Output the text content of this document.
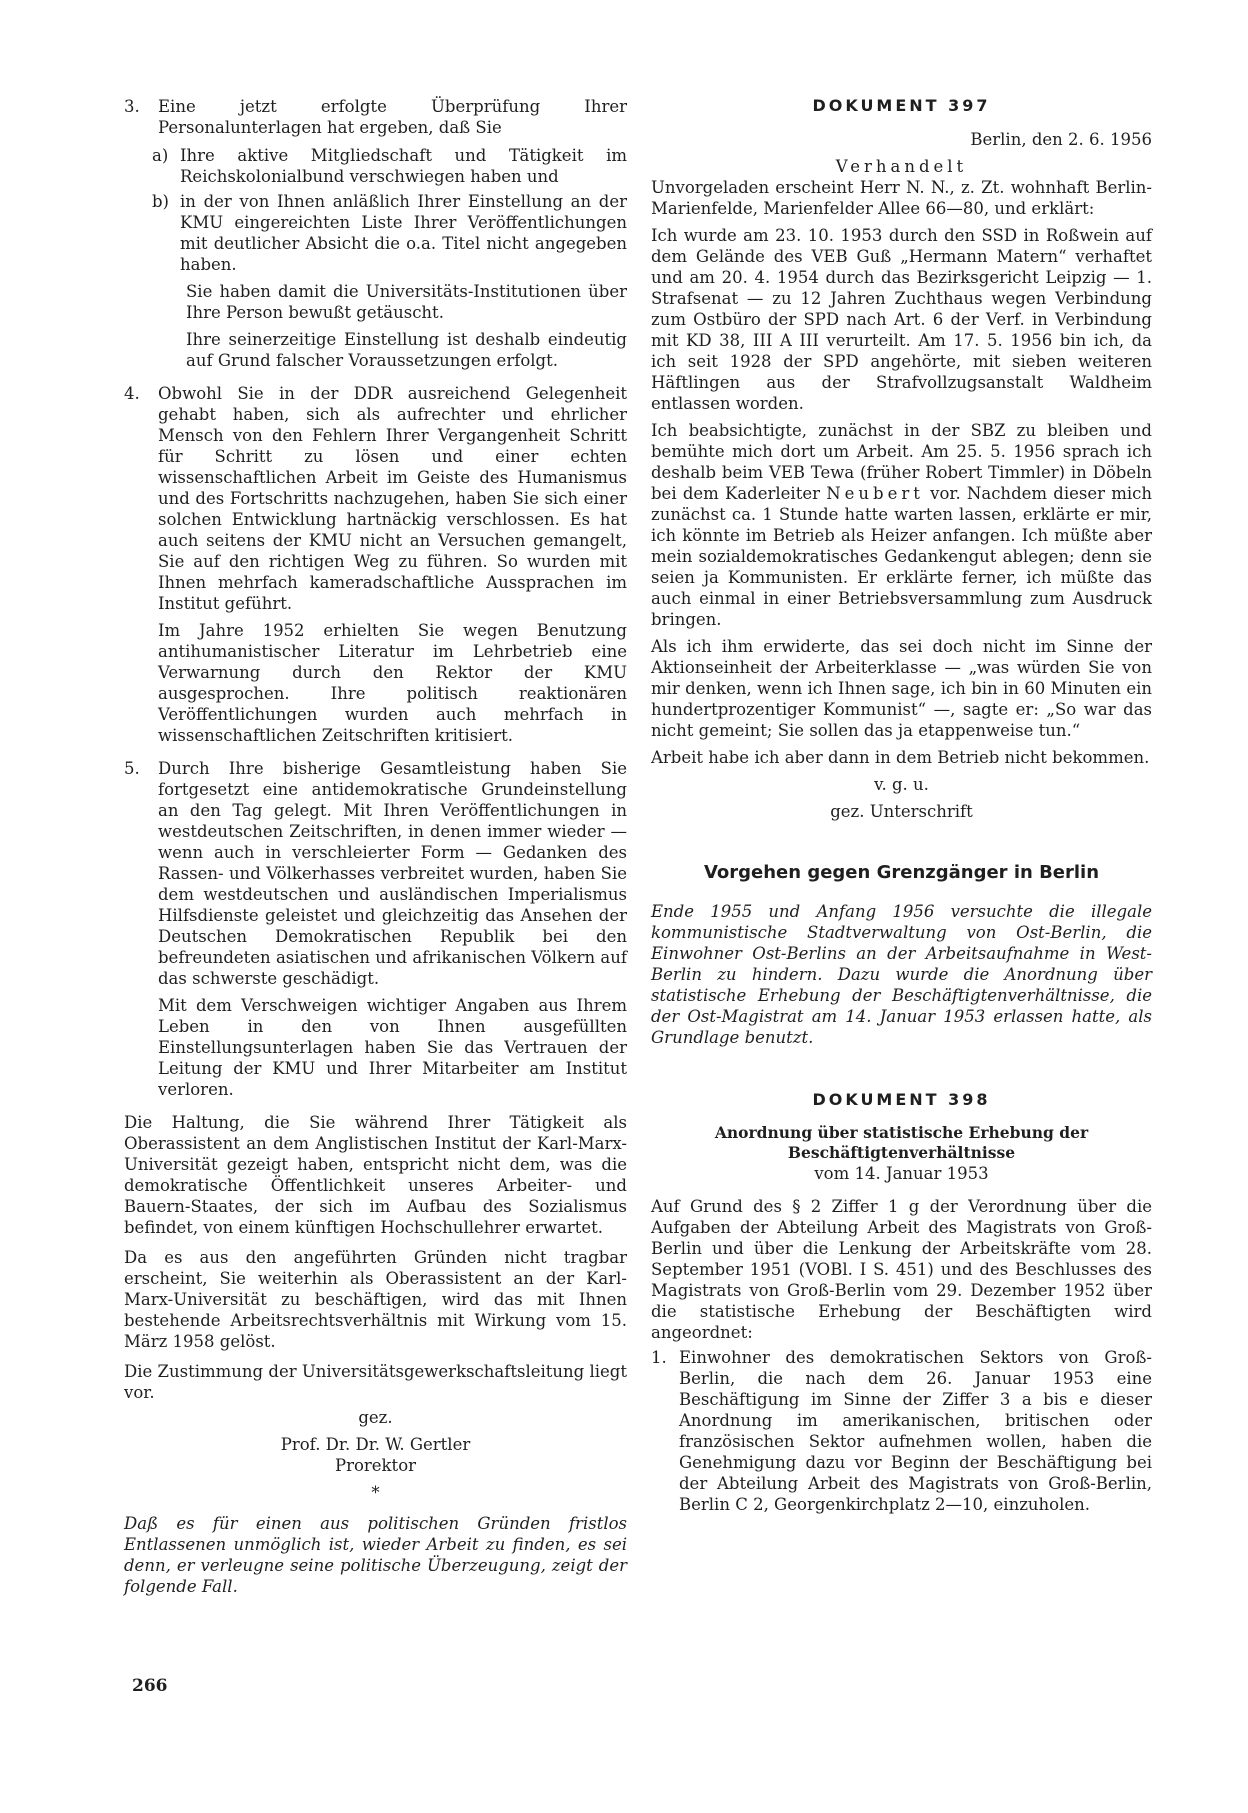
3. Eine jetzt erfolgte Überprüfung Ihrer Personalunterlagen hat ergeben, daß Sie

a) Ihre aktive Mitgliedschaft und Tätigkeit im Reichskolonialbund verschwiegen haben und

b) in der von Ihnen anläßlich Ihrer Einstellung an der KMU eingereichten Liste Ihrer Veröffentlichungen mit deutlicher Absicht die o.a. Titel nicht angegeben haben.

Sie haben damit die Universitäts-Institutionen über Ihre Person bewußt getäuscht.

Ihre seinerzeitige Einstellung ist deshalb eindeutig auf Grund falscher Voraussetzungen erfolgt.

4. Obwohl Sie in der DDR ausreichend Gelegenheit gehabt haben, sich als aufrechter und ehrlicher Mensch von den Fehlern Ihrer Vergangenheit Schritt für Schritt zu lösen und einer echten wissenschaftlichen Arbeit im Geiste des Humanismus und des Fortschritts nachzugehen, haben Sie sich einer solchen Entwicklung hartnäckig verschlossen. Es hat auch seitens der KMU nicht an Versuchen gemangelt, Sie auf den richtigen Weg zu führen. So wurden mit Ihnen mehrfach kameradschaftliche Aussprachen im Institut geführt.

Im Jahre 1952 erhielten Sie wegen Benutzung antihumanistischer Literatur im Lehrbetrieb eine Verwarnung durch den Rektor der KMU ausgesprochen. Ihre politisch reaktionären Veröffentlichungen wurden auch mehrfach in wissenschaftlichen Zeitschriften kritisiert.

5. Durch Ihre bisherige Gesamtleistung haben Sie fortgesetzt eine antidemokratische Grundeinstellung an den Tag gelegt. Mit Ihren Veröffentlichungen in westdeutschen Zeitschriften, in denen immer wieder — wenn auch in verschleierter Form — Gedanken des Rassen- und Völkerhasses verbreitet wurden, haben Sie dem westdeutschen und ausländischen Imperialismus Hilfsdienste geleistet und gleichzeitig das Ansehen der Deutschen Demokratischen Republik bei den befreundeten asiatischen und afrikanischen Völkern auf das schwerste geschädigt.

Mit dem Verschweigen wichtiger Angaben aus Ihrem Leben in den von Ihnen ausgefüllten Einstellungsunterlagen haben Sie das Vertrauen der Leitung der KMU und Ihrer Mitarbeiter am Institut verloren.

Die Haltung, die Sie während Ihrer Tätigkeit als Oberassistent an dem Anglistischen Institut der Karl-Marx-Universität gezeigt haben, entspricht nicht dem, was die demokratische Öffentlichkeit unseres Arbeiter- und Bauern-Staates, der sich im Aufbau des Sozialismus befindet, von einem künftigen Hochschullehrer erwartet.

Da es aus den angeführten Gründen nicht tragbar erscheint, Sie weiterhin als Oberassistent an der Karl-Marx-Universität zu beschäftigen, wird das mit Ihnen bestehende Arbeitsrechtsverhältnis mit Wirkung vom 15. März 1958 gelöst.

Die Zustimmung der Universitätsgewerkschaftsleitung liegt vor.

gez.

Prof. Dr. Dr. W. Gertler

Prorektor

*

Daß es für einen aus politischen Gründen fristlos Entlassenen unmöglich ist, wieder Arbeit zu finden, es sei denn, er verleugne seine politische Überzeugung, zeigt der folgende Fall.

DOKUMENT 397

Berlin, den 2. 6. 1956

Verhandelt

Unvorgeladen erscheint Herr N. N., z. Zt. wohnhaft Berlin-Marienfelde, Marienfelder Allee 66—80, und erklärt:

Ich wurde am 23. 10. 1953 durch den SSD in Roßwein auf dem Gelände des VEB Guß „Hermann Matern“ verhaftet und am 20. 4. 1954 durch das Bezirksgericht Leipzig — 1. Strafsenat — zu 12 Jahren Zuchthaus wegen Verbindung zum Ostbüro der SPD nach Art. 6 der Verf. in Verbindung mit KD 38, III A III verurteilt. Am 17. 5. 1956 bin ich, da ich seit 1928 der SPD angehörte, mit sieben weiteren Häftlingen aus der Strafvollzugsanstalt Waldheim entlassen worden.

Ich beabsichtigte, zunächst in der SBZ zu bleiben und bemühte mich dort um Arbeit. Am 25. 5. 1956 sprach ich deshalb beim VEB Tewa (früher Robert Timmler) in Döbeln bei dem Kaderleiter Neubert vor. Nachdem dieser mich zunächst ca. 1 Stunde hatte warten lassen, erklärte er mir, ich könnte im Betrieb als Heizer anfangen. Ich müßte aber mein sozialdemokratisches Gedankengut ablegen; denn sie seien ja Kommunisten. Er erklärte ferner, ich müßte das auch einmal in einer Betriebsversammlung zum Ausdruck bringen.

Als ich ihm erwiderte, das sei doch nicht im Sinne der Aktionseinheit der Arbeiterklasse — „was würden Sie von mir denken, wenn ich Ihnen sage, ich bin in 60 Minuten ein hundertprozentiger Kommunist“ —, sagte er: „So war das nicht gemeint; Sie sollen das ja etappenweise tun.“

Arbeit habe ich aber dann in dem Betrieb nicht bekommen.

v. g. u.

gez. Unterschrift

Vorgehen gegen Grenzgänger in Berlin

Ende 1955 und Anfang 1956 versuchte die illegale kommunistische Stadtverwaltung von Ost-Berlin, die Einwohner Ost-Berlins an der Arbeitsaufnahme in West-Berlin zu hindern. Dazu wurde die Anordnung über statistische Erhebung der Beschäftigtenverhältnisse, die der Ost-Magistrat am 14. Januar 1953 erlassen hatte, als Grundlage benutzt.

DOKUMENT 398

Anordnung über statistische Erhebung der

Beschäftigtenverhältnisse

vom 14. Januar 1953

Auf Grund des § 2 Ziffer 1 g der Verordnung über die Aufgaben der Abteilung Arbeit des Magistrats von Groß-Berlin und über die Lenkung der Arbeitskräfte vom 28. September 1951 (VOBl. I S. 451) und des Beschlusses des Magistrats von Groß-Berlin vom 29. Dezember 1952 über die statistische Erhebung der Beschäftigten wird angeordnet:

1. Einwohner des demokratischen Sektors von Groß-Berlin, die nach dem 26. Januar 1953 eine Beschäftigung im Sinne der Ziffer 3 a bis e dieser Anordnung im amerikanischen, britischen oder französischen Sektor aufnehmen wollen, haben die Genehmigung dazu vor Beginn der Beschäftigung bei der Abteilung Arbeit des Magistrats von Groß-Berlin, Berlin C 2, Georgenkirchplatz 2—10, einzuholen.

266
